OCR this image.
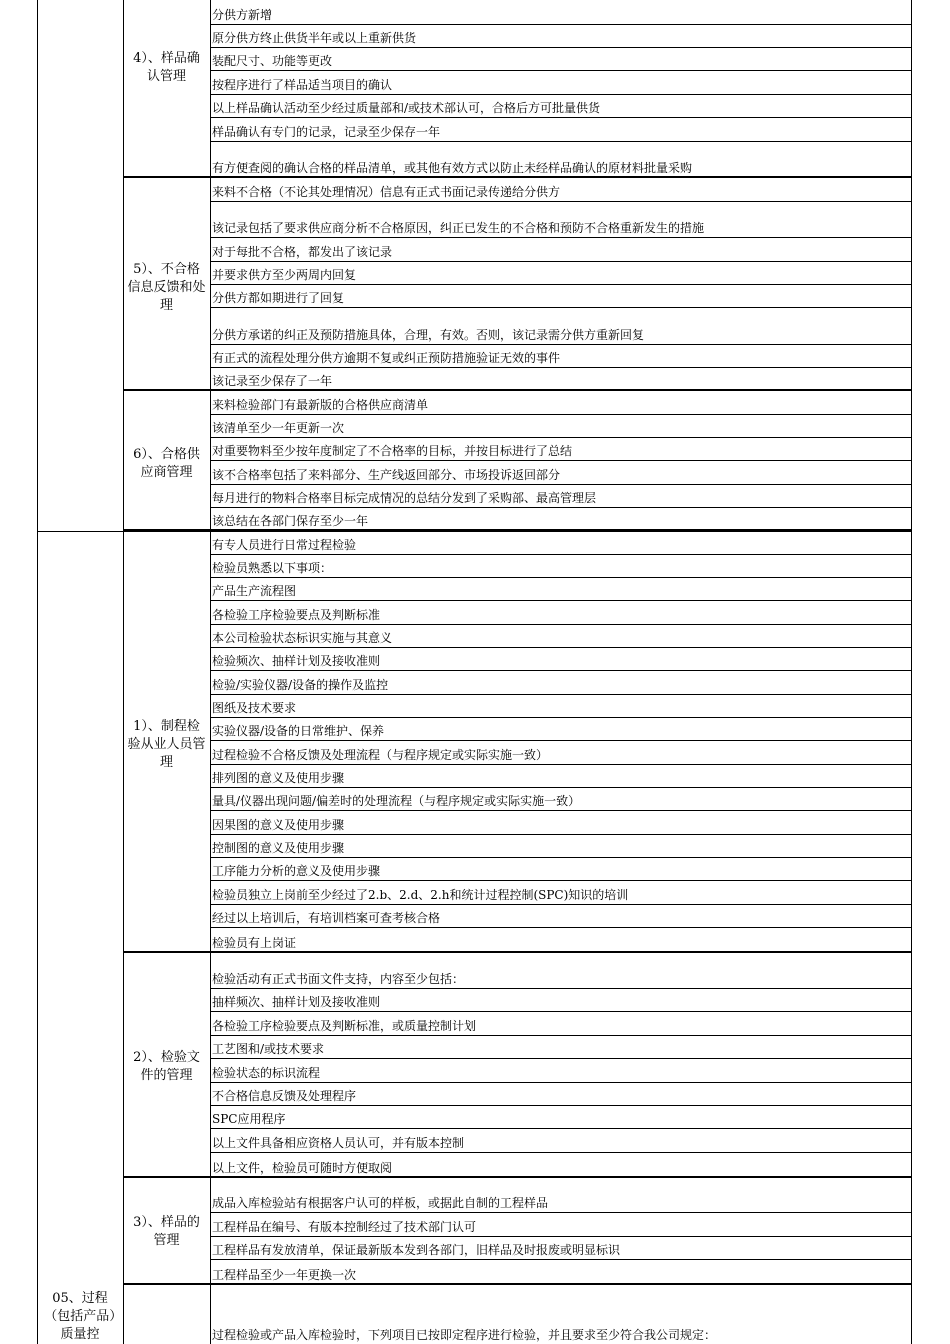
05、过程（包括产品）质量控
4）、样品确认管理
分供方新增
原分供方终止供货半年或以上重新供货
装配尺寸、功能等更改
按程序进行了样品适当项目的确认
以上样品确认活动至少经过质量部和/或技术部认可，合格后方可批量供货
样品确认有专门的记录，记录至少保存一年
有方便查阅的确认合格的样品清单，或其他有效方式以防止未经样品确认的原材料批量采购
5）、不合格信息反馈和处理
来料不合格（不论其处理情况）信息有正式书面记录传递给分供方
该记录包括了要求供应商分析不合格原因，纠正已发生的不合格和预防不合格重新发生的措施
对于每批不合格，都发出了该记录
并要求供方至少两周内回复
分供方都如期进行了回复
分供方承诺的纠正及预防措施具体，合理，有效。否则，该记录需分供方重新回复
有正式的流程处理分供方逾期不复或纠正预防措施验证无效的事件
该记录至少保存了一年
6）、合格供应商管理
来料检验部门有最新版的合格供应商清单
该清单至少一年更新一次
对重要物料至少按年度制定了不合格率的目标，并按目标进行了总结
该不合格率包括了来料部分、生产线返回部分、市场投诉返回部分
每月进行的物料合格率目标完成情况的总结分发到了采购部、最高管理层
该总结在各部门保存至少一年
1）、制程检验从业人员管理
有专人员进行日常过程检验
检验员熟悉以下事项：
产品生产流程图
各检验工序检验要点及判断标准
本公司检验状态标识实施与其意义
检验频次、抽样计划及接收准则
检验/实验仪器/设备的操作及监控
图纸及技术要求
实验仪器/设备的日常维护、保养
过程检验不合格反馈及处理流程（与程序规定或实际实施一致）
排列图的意义及使用步骤
量具/仪器出现问题/偏差时的处理流程（与程序规定或实际实施一致）
因果图的意义及使用步骤
控制图的意义及使用步骤
工序能力分析的意义及使用步骤
检验员独立上岗前至少经过了2.b、2.d、2.h和统计过程控制(SPC)知识的培训
经过以上培训后，有培训档案可查考核合格
检验员有上岗证
2）、检验文件的管理
检验活动有正式书面文件支持，内容至少包括：
抽样频次、抽样计划及接收准则
各检验工序检验要点及判断标准，或质量控制计划
工艺图和/或技术要求
检验状态的标识流程
不合格信息反馈及处理程序
SPC应用程序
以上文件具备相应资格人员认可，并有版本控制
以上文件，检验员可随时方便取阅
3）、样品的管理
成品入库检验站有根据客户认可的样板，或据此自制的工程样品
工程样品在编号、有版本控制经过了技术部门认可
工程样品有发放清单，保证最新版本发到各部门，旧样品及时报废或明显标识
工程样品至少一年更换一次
过程检验或产品入库检验时，下列项目已按即定程序进行检验，并且要求至少符合我公司规定：
